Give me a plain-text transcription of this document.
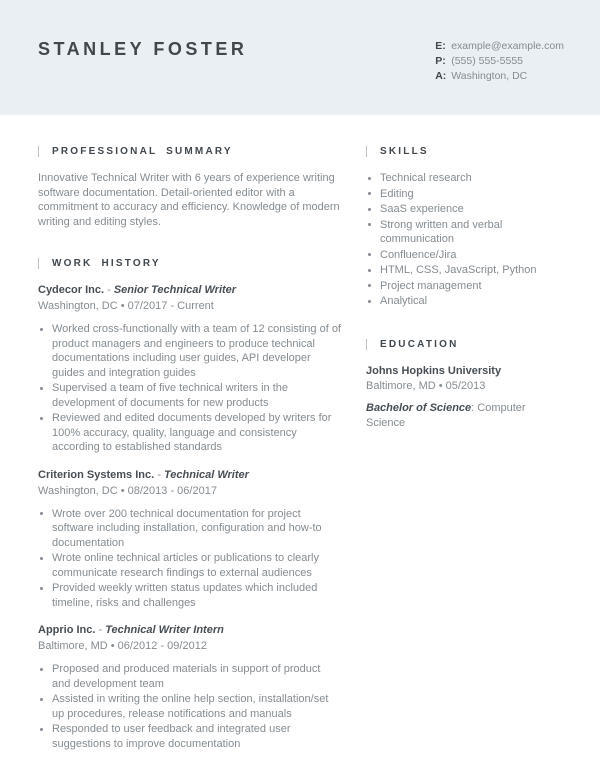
STANLEY FOSTER	E: example@example.com
P: (555) 555-5555
A: Washington, DC
PROFESSIONAL SUMMARY

Innovative Technical Writer with 6 years of experience writing software documentation. Detail-oriented editor with a commitment to accuracy and efficiency. Knowledge of modern writing and editing styles.

WORK HISTORY
Cydecor Inc. - Senior Technical Writer
Washington, DC • 07/2017 - Current
Worked cross-functionally with a team of 12 consisting of of product managers and engineers to produce technical documentations including user guides, API developer guides and integration guides
Supervised a team of five technical writers in the development of documents for new products
Reviewed and edited documents developed by writers for 100% accuracy, quality, language and consistency according to established standards
Criterion Systems Inc. - Technical Writer
Washington, DC • 08/2013 - 06/2017
Wrote over 200 technical documentation for project software including installation, configuration and how-to documentation
Wrote online technical articles or publications to clearly communicate research findings to external audiences
Provided weekly written status updates which included timeline, risks and challenges
Apprio Inc. - Technical Writer Intern
Baltimore, MD • 06/2012 - 09/2012
Proposed and produced materials in support of product and development team
Assisted in writing the online help section, installation/set up procedures, release notifications and manuals
Responded to user feedback and integrated user suggestions to improve documentation
SKILLS
Technical research
Editing
SaaS experience
Strong written and verbal communication
Confluence/Jira
HTML, CSS, JavaScript, Python
Project management
Analytical
EDUCATION
Johns Hopkins University
Baltimore, MD • 05/2013
Bachelor of Science: Computer Science
